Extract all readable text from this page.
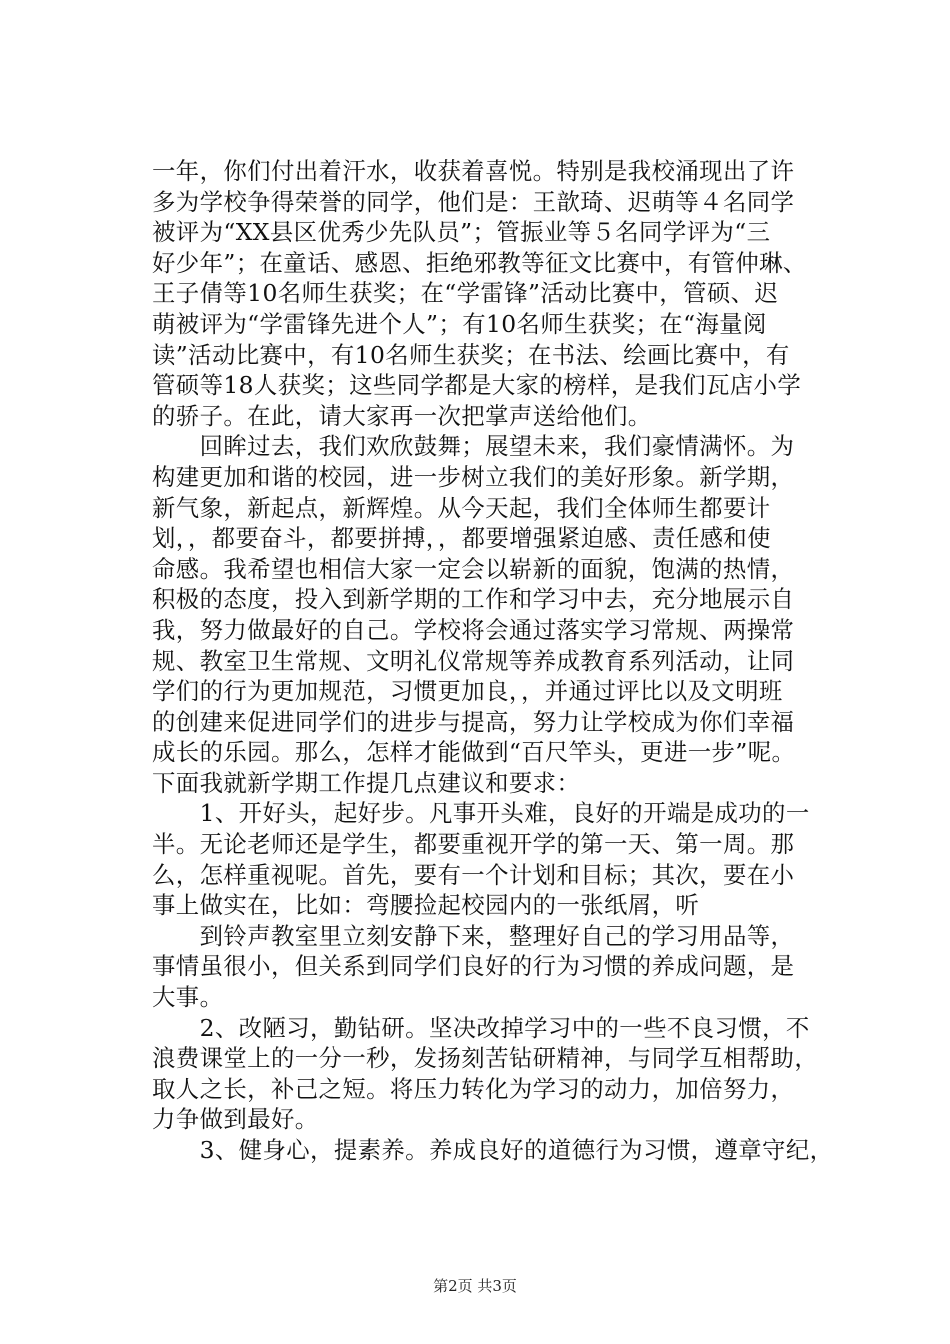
一年，你们付出着汗水，收获着喜悦。特别是我校涌现出了许
多为学校争得荣誉的同学，他们是：王歆琦、迟萌等４名同学
被评为“XX县区优秀少先队员”；管振业等５名同学评为“三
好少年”；在童话、感恩、拒绝邪教等征文比赛中，有管仲琳、
王子倩等10名师生获奖；在“学雷锋”活动比赛中，管硕、迟
萌被评为“学雷锋先进个人”；有10名师生获奖；在“海量阅
读”活动比赛中，有10名师生获奖；在书法、绘画比赛中，有
管硕等18人获奖；这些同学都是大家的榜样，是我们瓦店小学
的骄子。在此，请大家再一次把掌声送给他们。
　　回眸过去，我们欢欣鼓舞；展望未来，我们豪情满怀。为
构建更加和谐的校园，进一步树立我们的美好形象。新学期，
新气象，新起点，新辉煌。从今天起，我们全体师生都要计
划，，都要奋斗，都要拼搏，，都要增强紧迫感、责任感和使
命感。我希望也相信大家一定会以崭新的面貌，饱满的热情，
积极的态度，投入到新学期的工作和学习中去，充分地展示自
我，努力做最好的自己。学校将会通过落实学习常规、两操常
规、教室卫生常规、文明礼仪常规等养成教育系列活动，让同
学们的行为更加规范，习惯更加良，，并通过评比以及文明班
的创建来促进同学们的进步与提高，努力让学校成为你们幸福
成长的乐园。那么，怎样才能做到“百尺竿头，更进一步”呢。
下面我就新学期工作提几点建议和要求：
　　1、开好头，起好步。凡事开头难，良好的开端是成功的一
半。无论老师还是学生，都要重视开学的第一天、第一周。那
么，怎样重视呢。首先，要有一个计划和目标；其次，要在小
事上做实在，比如：弯腰捡起校园内的一张纸屑，听
　　到铃声教室里立刻安静下来，整理好自己的学习用品等，
事情虽很小，但关系到同学们良好的行为习惯的养成问题，是
大事。
　　2、改陋习，勤钻研。坚决改掉学习中的一些不良习惯，不
浪费课堂上的一分一秒，发扬刻苦钻研精神，与同学互相帮助，
取人之长，补己之短。将压力转化为学习的动力，加倍努力，
力争做到最好。
　　3、健身心，提素养。养成良好的道德行为习惯，遵章守纪，
第2页 共3页
